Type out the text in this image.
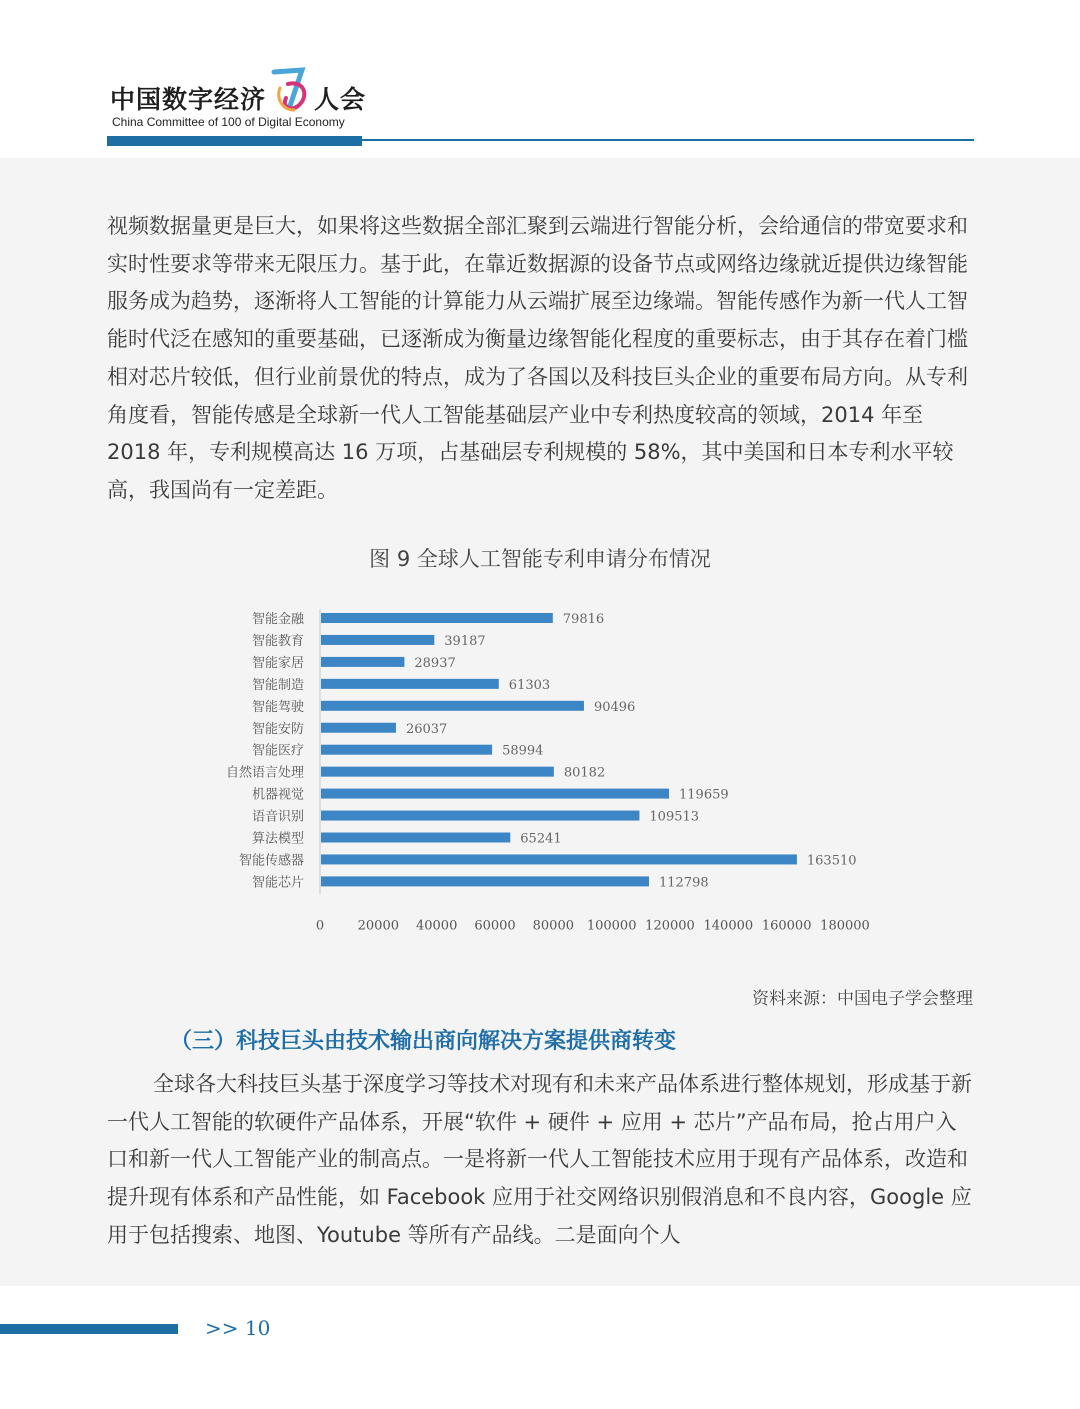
中国数字经济 人会
China Committee of 100 of Digital Economy

视频数据量更是巨大，如果将这些数据全部汇聚到云端进行智能分析，会给通信的带宽要求和实时性要求等带来无限压力。基于此，在靠近数据源的设备节点或网络边缘就近提供边缘智能服务成为趋势，逐渐将人工智能的计算能力从云端扩展至边缘端。智能传感作为新一代人工智能时代泛在感知的重要基础，已逐渐成为衡量边缘智能化程度的重要标志，由于其存在着门槛相对芯片较低，但行业前景优的特点，成为了各国以及科技巨头企业的重要布局方向。从专利角度看，智能传感是全球新一代人工智能基础层产业中专利热度较高的领域，2014 年至 2018 年，专利规模高达 16 万项，占基础层专利规模的 58%，其中美国和日本专利水平较高，我国尚有一定差距。

图 9 全球人工智能专利申请分布情况
智能金融	79816
智能教育	39187
智能家居	28937
智能制造	61303
智能驾驶	90496
智能安防	26037
智能医疗	58994
自然语言处理	80182
机器视觉	119659
语音识别	109513
算法模型	65241
智能传感器	163510
智能芯片	112798
0	20000 40000 60000 80000 100000 120000 140000 160000 180000
资料来源：中国电子学会整理
（三）科技巨头由技术输出商向解决方案提供商转变

全球各大科技巨头基于深度学习等技术对现有和未来产品体系进行整体规划，形成基于新一代人工智能的软硬件产品体系，开展“软件 + 硬件 + 应用 + 芯片”产品布局，抢占用户入口和新一代人工智能产业的制高点。一是将新一代人工智能技术应用于现有产品体系，改造和提升现有体系和产品性能，如 Facebook 应用于社交网络识别假消息和不良内容，Google 应用于包括搜索、地图、Youtube 等所有产品线。二是面向个人

>> 10
